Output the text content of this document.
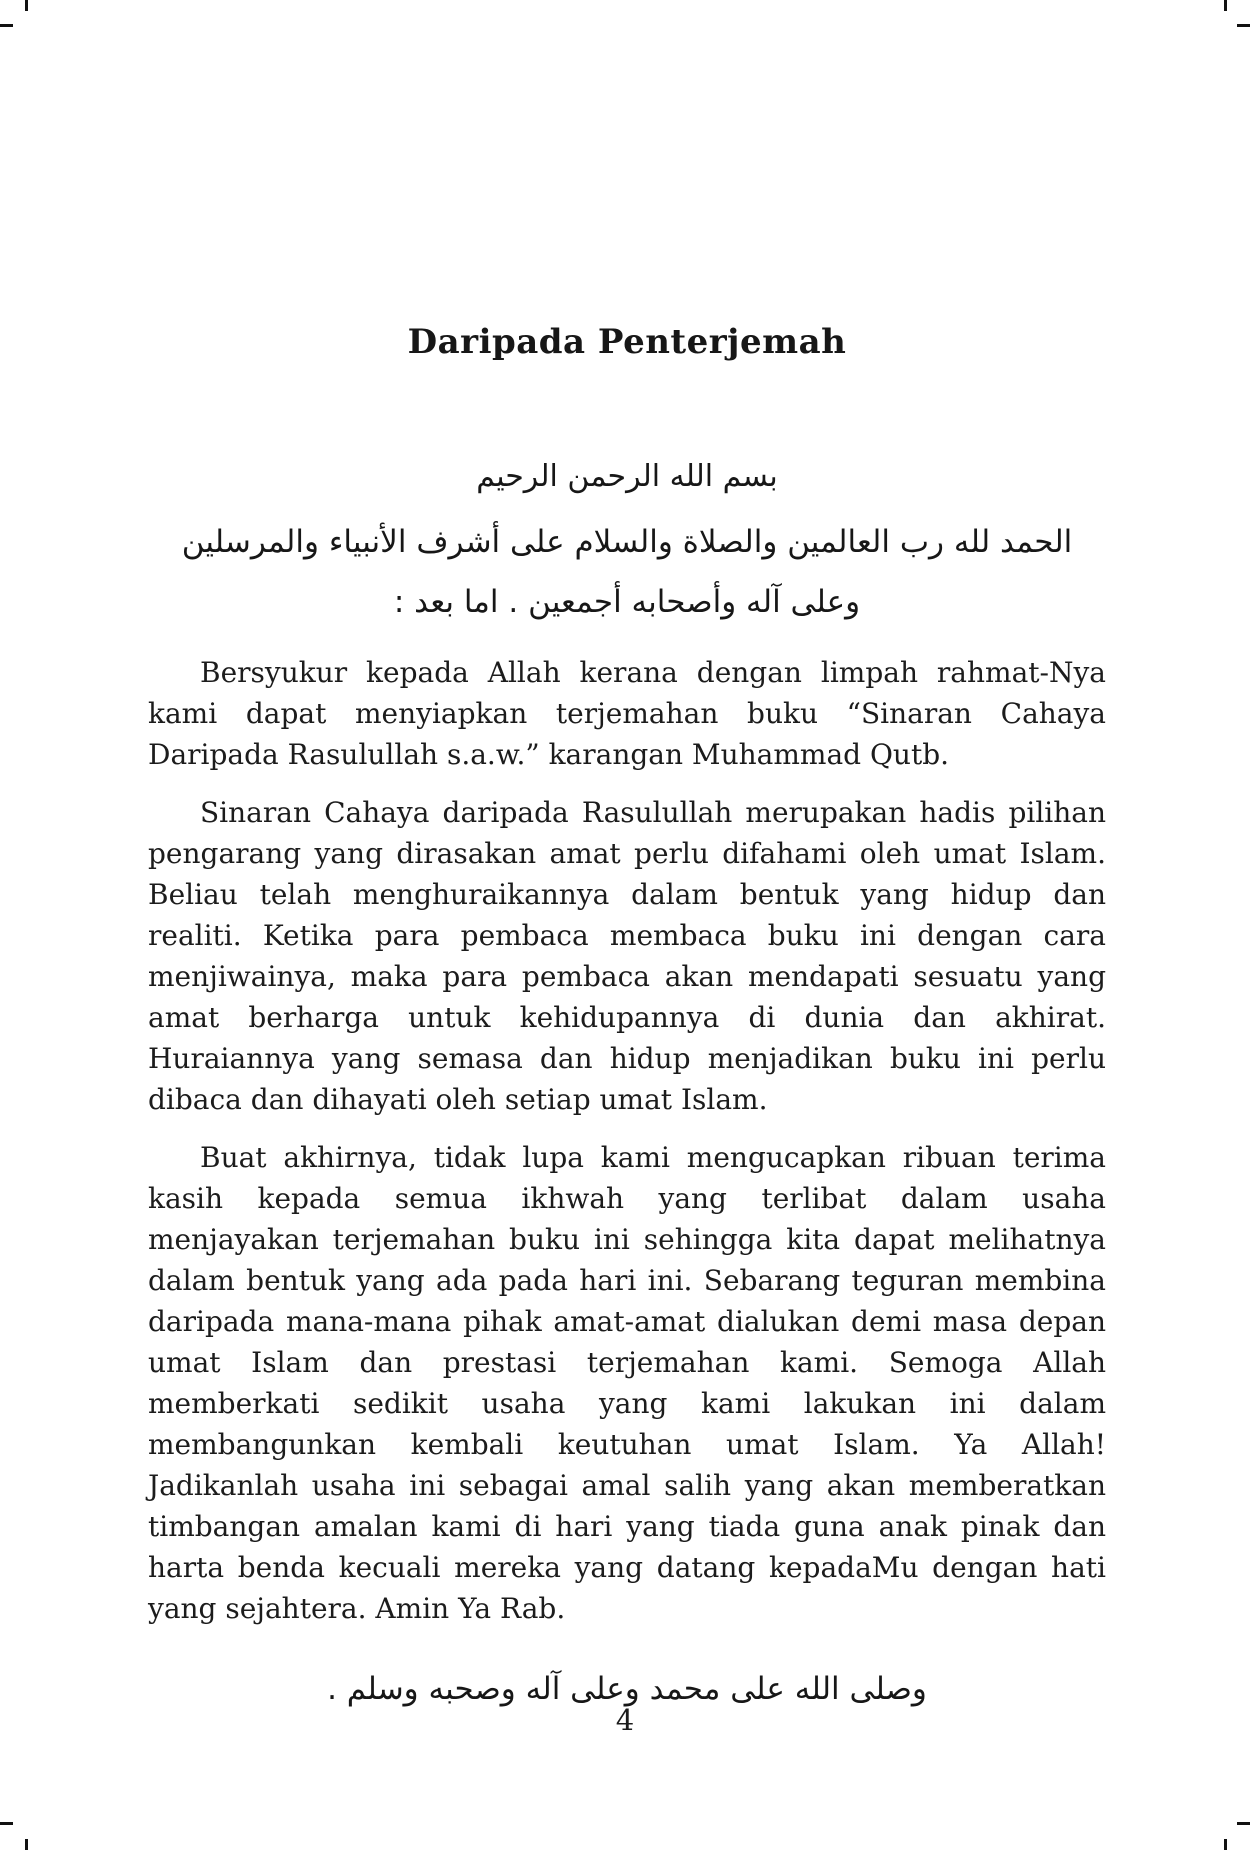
Daripada Penterjemah
بسم الله الرحمن الرحيم
الحمد لله رب العالمين والصلاة والسلام على أشرف الأنبياء والمرسلين
وعلى آله وأصحابه أجمعين . اما بعد :

Bersyukur kepada Allah kerana dengan limpah rahmat-Nya kami dapat menyiapkan terjemahan buku “Sinaran Cahaya Daripada Rasulullah s.a.w.” karangan Muhammad Qutb.

Sinaran Cahaya daripada Rasulullah merupakan hadis pilihan pengarang yang dirasakan amat perlu difahami oleh umat Islam. Beliau telah menghuraikannya dalam bentuk yang hidup dan realiti. Ketika para pembaca membaca buku ini dengan cara menjiwainya, maka para pembaca akan mendapati sesuatu yang amat berharga untuk kehidupannya di dunia dan akhirat. Huraiannya yang semasa dan hidup menjadikan buku ini perlu dibaca dan dihayati oleh setiap umat Islam.

Buat akhirnya, tidak lupa kami mengucapkan ribuan terima kasih kepada semua ikhwah yang terlibat dalam usaha menjayakan terjemahan buku ini sehingga kita dapat melihatnya dalam bentuk yang ada pada hari ini. Sebarang teguran membina daripada mana-mana pihak amat-amat dialukan demi masa depan umat Islam dan prestasi terjemahan kami. Semoga Allah memberkati sedikit usaha yang kami lakukan ini dalam membangunkan kembali keutuhan umat Islam. Ya Allah! Jadikanlah usaha ini sebagai amal salih yang akan memberatkan timbangan amalan kami di hari yang tiada guna anak pinak dan harta benda kecuali mereka yang datang kepadaMu dengan hati yang sejahtera. Amin Ya Rab.

وصلى الله على محمد وعلى آله وصحبه وسلم .
4
